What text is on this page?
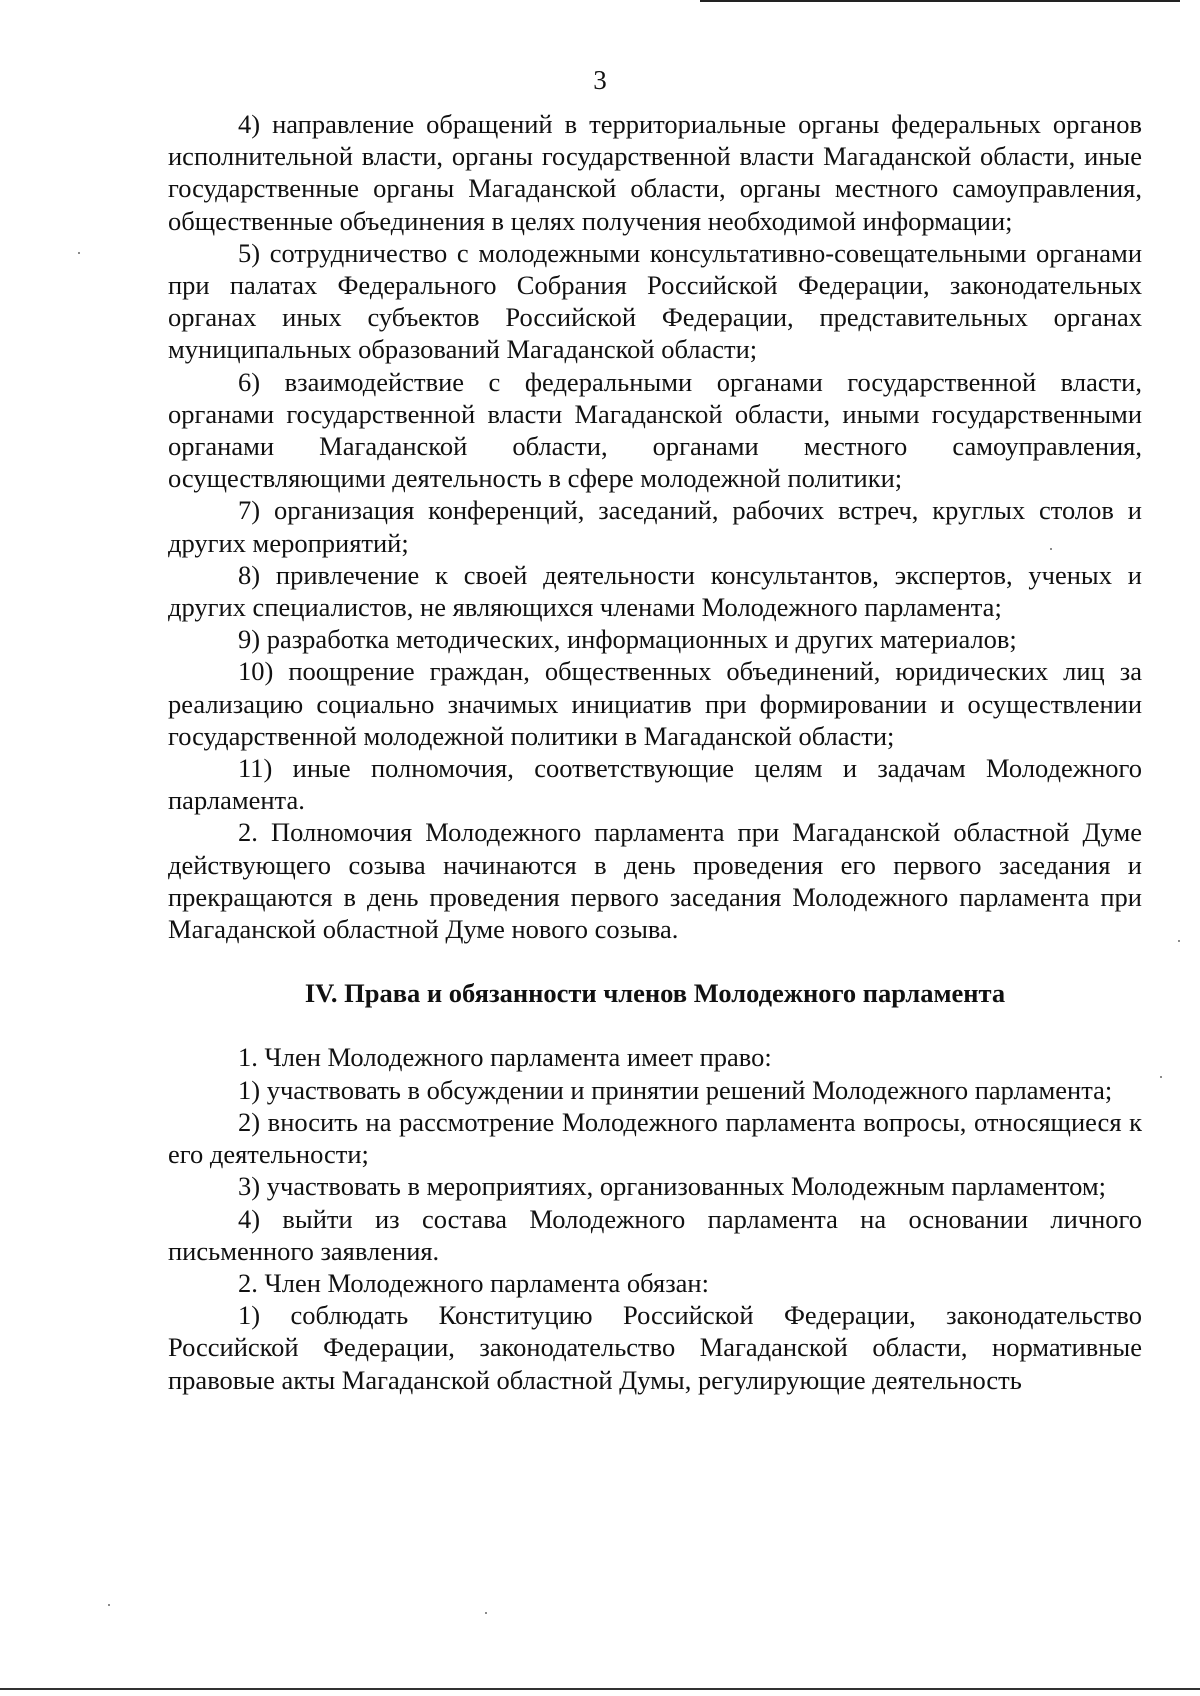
3

4) направление обращений в территориальные органы федеральных органов исполнительной власти, органы государственной власти Магаданской области, иные государственные органы Магаданской области, органы местного самоуправления, общественные объединения в целях получения необходимой информации;

5) сотрудничество с молодежными консультативно-совещательными органами при палатах Федерального Собрания Российской Федерации, законодательных органах иных субъектов Российской Федерации, представительных органах муниципальных образований Магаданской области;

6) взаимодействие с федеральными органами государственной власти, органами государственной власти Магаданской области, иными государственными органами Магаданской области, органами местного самоуправления, осуществляющими деятельность в сфере молодежной политики;

7) организация конференций, заседаний, рабочих встреч, круглых столов и других мероприятий;

8) привлечение к своей деятельности консультантов, экспертов, ученых и других специалистов, не являющихся членами Молодежного парламента;

9) разработка методических, информационных и других материалов;

10) поощрение граждан, общественных объединений, юридических лиц за реализацию социально значимых инициатив при формировании и осуществлении государственной молодежной политики в Магаданской области;

11) иные полномочия, соответствующие целям и задачам Молодежного парламента.

2. Полномочия Молодежного парламента при Магаданской областной Думе действующего созыва начинаются в день проведения его первого заседания и прекращаются в день проведения первого заседания Молодежного парламента при Магаданской областной Думе нового созыва.

IV. Права и обязанности членов Молодежного парламента

1. Член Молодежного парламента имеет право:

1) участвовать в обсуждении и принятии решений Молодежного парламента;

2) вносить на рассмотрение Молодежного парламента вопросы, относящиеся к его деятельности;

3) участвовать в мероприятиях, организованных Молодежным парламентом;

4) выйти из состава Молодежного парламента на основании личного письменного заявления.

2. Член Молодежного парламента обязан:

1) соблюдать Конституцию Российской Федерации, законодательство Российской Федерации, законодательство Магаданской области, нормативные правовые акты Магаданской областной Думы, регулирующие деятельность
